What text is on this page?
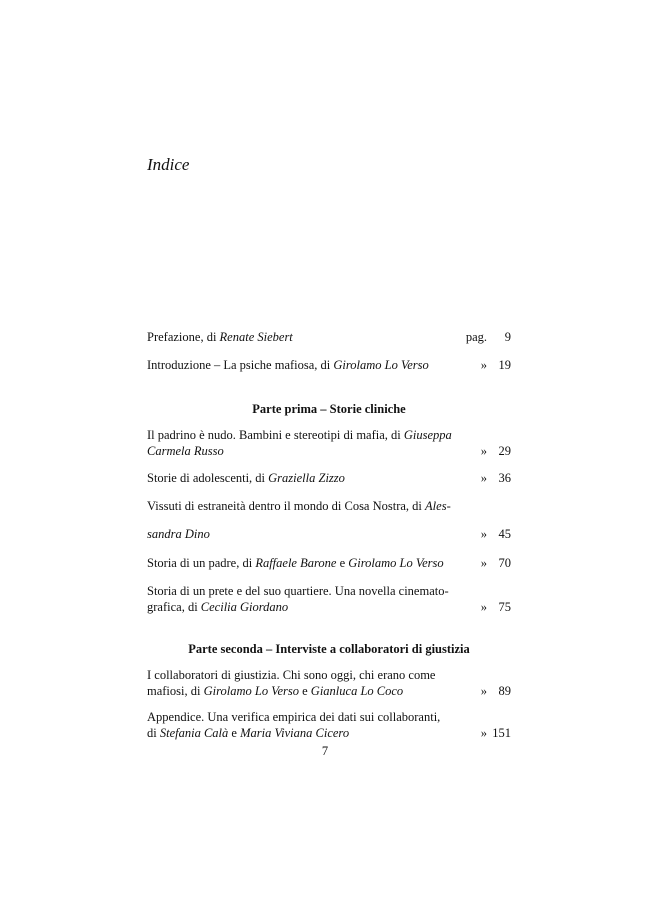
Indice
Prefazione, di Renate Siebert	pag.	9
Introduzione – La psiche mafiosa, di Girolamo Lo Verso	» 19
Parte prima – Storie cliniche
Il padrino è nudo. Bambini e stereotipi di mafia, di Giuseppa
Carmela Russo	» 29
Storie di adolescenti, di Graziella Zizzo	» 36
Vissuti di estraneità dentro il mondo di Cosa Nostra, di Ales-
sandra Dino	» 45
Storia di un padre, di Raffaele Barone e Girolamo Lo Verso	» 70
Storia di un prete e del suo quartiere. Una novella cinemato-
grafica, di Cecilia Giordano	» 75
Parte seconda – Interviste a collaboratori di giustizia
I collaboratori di giustizia. Chi sono oggi, chi erano come
mafiosi, di Girolamo Lo Verso e Gianluca Lo Coco	» 89
Appendice. Una verifica empirica dei dati sui collaboranti,
di Stefania Calà e Maria Viviana Cicero	» 151
7
